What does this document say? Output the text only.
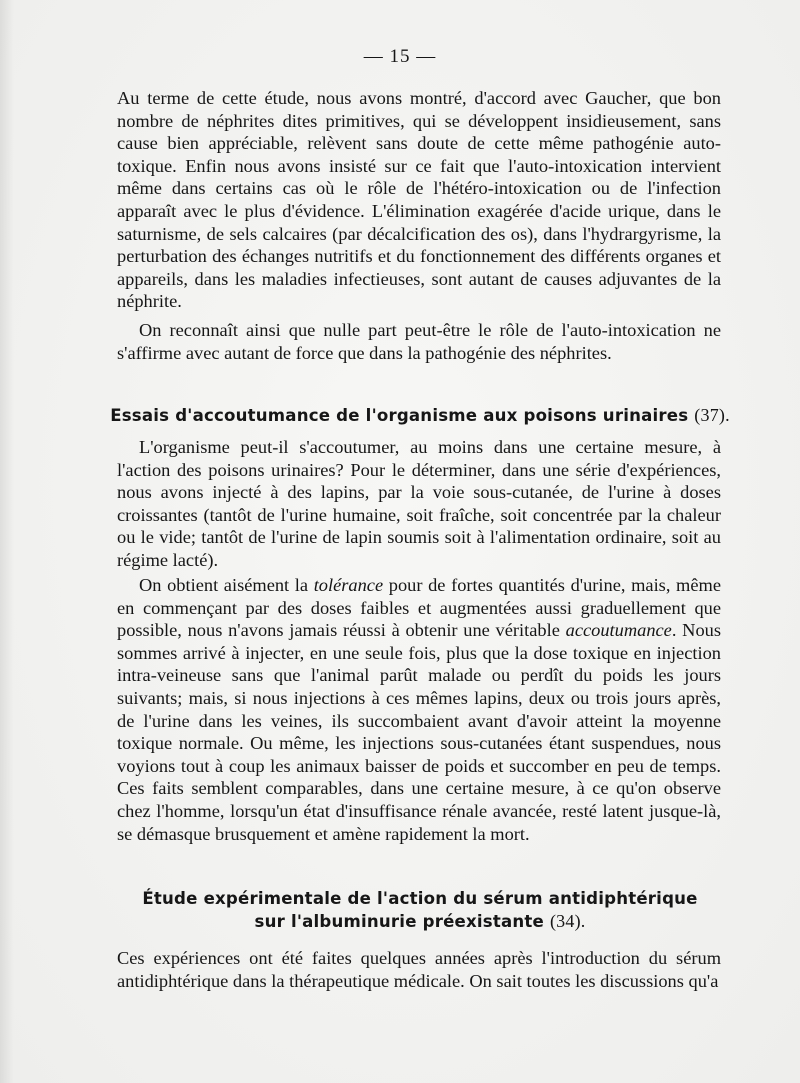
— 15 —

Au terme de cette étude, nous avons montré, d'accord avec Gaucher, que bon nombre de néphrites dites primitives, qui se développent insidieusement, sans cause bien appréciable, relèvent sans doute de cette même pathogénie auto-toxique. Enfin nous avons insisté sur ce fait que l'auto-intoxication intervient même dans certains cas où le rôle de l'hétéro-intoxication ou de l'infection apparaît avec le plus d'évidence. L'élimination exagérée d'acide urique, dans le saturnisme, de sels calcaires (par décalcification des os), dans l'hydrargyrisme, la perturbation des échanges nutritifs et du fonctionnement des différents organes et appareils, dans les maladies infectieuses, sont autant de causes adjuvantes de la néphrite.

On reconnaît ainsi que nulle part peut-être le rôle de l'auto-intoxication ne s'affirme avec autant de force que dans la pathogénie des néphrites.

Essais d'accoutumance de l'organisme aux poisons urinaires (37).

L'organisme peut-il s'accoutumer, au moins dans une certaine mesure, à l'action des poisons urinaires? Pour le déterminer, dans une série d'expériences, nous avons injecté à des lapins, par la voie sous-cutanée, de l'urine à doses croissantes (tantôt de l'urine humaine, soit fraîche, soit concentrée par la chaleur ou le vide; tantôt de l'urine de lapin soumis soit à l'alimentation ordinaire, soit au régime lacté).

On obtient aisément la tolérance pour de fortes quantités d'urine, mais, même en commençant par des doses faibles et augmentées aussi graduellement que possible, nous n'avons jamais réussi à obtenir une véritable accoutumance. Nous sommes arrivé à injecter, en une seule fois, plus que la dose toxique en injection intra-veineuse sans que l'animal parût malade ou perdît du poids les jours suivants; mais, si nous injections à ces mêmes lapins, deux ou trois jours après, de l'urine dans les veines, ils succombaient avant d'avoir atteint la moyenne toxique normale. Ou même, les injections sous-cutanées étant suspendues, nous voyions tout à coup les animaux baisser de poids et succomber en peu de temps. Ces faits semblent comparables, dans une certaine mesure, à ce qu'on observe chez l'homme, lorsqu'un état d'insuffisance rénale avancée, resté latent jusque-là, se démasque brusquement et amène rapidement la mort.

Étude expérimentale de l'action du sérum antidiphtérique
sur l'albuminurie préexistante (34).

Ces expériences ont été faites quelques années après l'introduction du sérum antidiphtérique dans la thérapeutique médicale. On sait toutes les discussions qu'a
